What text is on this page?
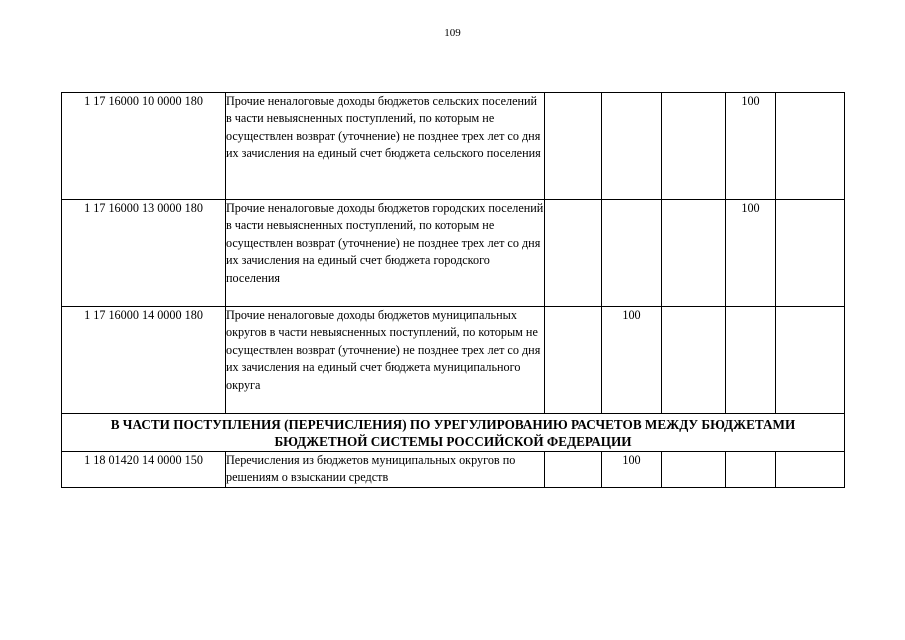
109
1 17 16000 10 0000 180	Прочие неналоговые доходы бюджетов сельских поселений в части невыясненных поступлений, по которым не осуществлен возврат (уточнение) не позднее трех лет со дня их зачисления на единый счет бюджета сельского поселения				100	
1 17 16000 13 0000 180	Прочие неналоговые доходы бюджетов городских поселений в части невыясненных поступлений, по которым не осуществлен возврат (уточнение) не позднее трех лет со дня их зачисления на единый счет бюджета городского поселения				100	
1 17 16000 14 0000 180	Прочие неналоговые доходы бюджетов муниципальных округов в части невыясненных поступлений, по которым не осуществлен возврат (уточнение) не позднее трех лет со дня их зачисления на единый счет бюджета муниципального округа		100			
В ЧАСТИ ПОСТУПЛЕНИЯ (ПЕРЕЧИСЛЕНИЯ) ПО УРЕГУЛИРОВАНИЮ РАСЧЕТОВ МЕЖДУ БЮДЖЕТАМИ БЮДЖЕТНОЙ СИСТЕМЫ РОССИЙСКОЙ ФЕДЕРАЦИИ						
1 18 01420 14 0000 150	Перечисления из бюджетов муниципальных округов по решениям о взыскании средств		100			
